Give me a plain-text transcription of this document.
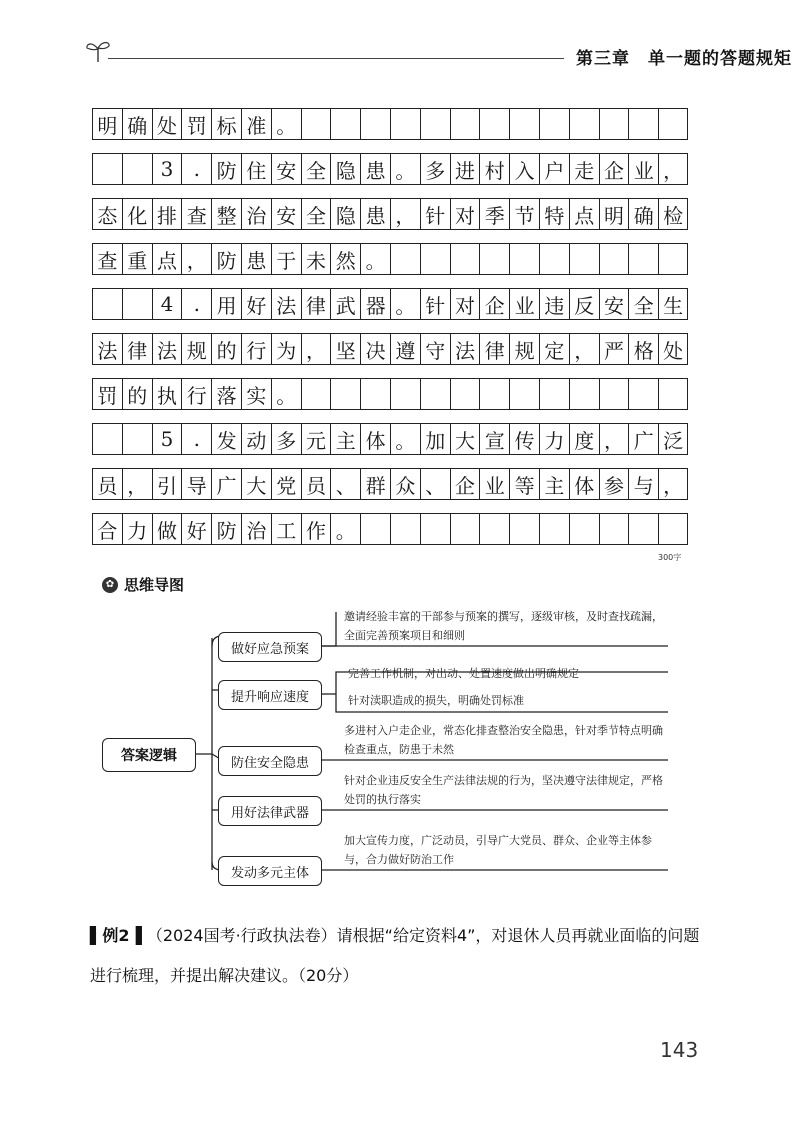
第三章　单一题的答题规矩
明 确 处 罚 标 准 。
3	. 防 住 安 全 隐 患 。 多 进 村 入 户 走 企 业 ，
态 化 排 查 整 治 安 全 隐 患 ， 针 对 季 节 特 点 明 确 检
查 重 点 ， 防 患 于 未 然 。
4	. 用 好 法 律 武 器 。 针 对 企 业 违 反 安 全 生
法 律 法 规 的 行 为 ， 坚 决 遵 守 法 律 规 定 ， 严 格 处
罚 的 执 行 落 实 。
5	. 发 动 多 元 主 体 。 加 大 宣 传 力 度 ， 广 泛
员 ， 引 导 广 大 党 员 、 群 众 、 企 业 等 主 体 参 与 ，
合 力 做 好 防 治 工 作 。
300字
✿ 思维导图
答案逻辑
做好应急预案
提升响应速度
防住安全隐患
用好法律武器
发动多元主体
邀请经验丰富的干部参与预案的撰写，逐级审核，及时查找疏漏，全面完善预案项目和细则
完善工作机制，对出动、处置速度做出明确规定
针对渎职造成的损失，明确处罚标准
多进村入户走企业，常态化排查整治安全隐患，针对季节特点明确检查重点，防患于未然
针对企业违反安全生产法律法规的行为，坚决遵守法律规定，严格处罚的执行落实
加大宣传力度，广泛动员，引导广大党员、群众、企业等主体参与，合力做好防治工作
▌例2▐ （2024国考·行政执法卷）请根据“给定资料4”，对退休人员再就业面临的问题进行梳理，并提出解决建议。（20分）
143
